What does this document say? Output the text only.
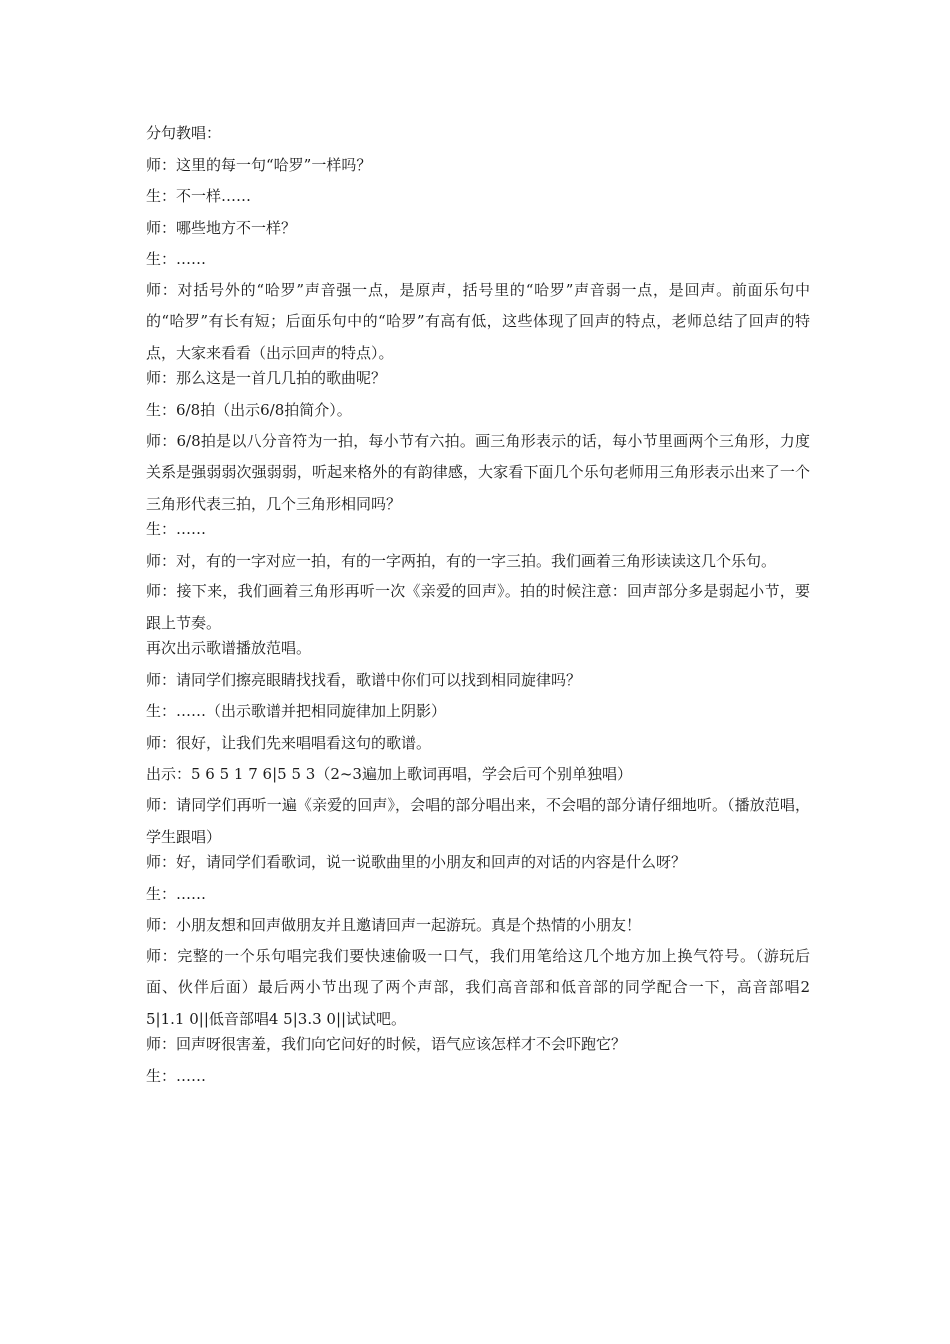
分句教唱：
师：这里的每一句“哈罗”一样吗？
生：不一样……
师：哪些地方不一样？
生：……
师：对括号外的“哈罗”声音强一点，是原声，括号里的“哈罗”声音弱一点，是回声。前面乐句中的“哈罗”有长有短；后面乐句中的“哈罗”有高有低，这些体现了回声的特点，老师总结了回声的特点，大家来看看（出示回声的特点）。
师：那么这是一首几几拍的歌曲呢？
生：6/8拍（出示6/8拍简介）。
师：6/8拍是以八分音符为一拍，每小节有六拍。画三角形表示的话，每小节里画两个三角形，力度关系是强弱弱次强弱弱，听起来格外的有韵律感，大家看下面几个乐句老师用三角形表示出来了一个三角形代表三拍，几个三角形相同吗？
生：……
师：对，有的一字对应一拍，有的一字两拍，有的一字三拍。我们画着三角形读读这几个乐句。
师：接下来，我们画着三角形再听一次《亲爱的回声》。拍的时候注意：回声部分多是弱起小节，要跟上节奏。
再次出示歌谱播放范唱。
师：请同学们擦亮眼睛找找看，歌谱中你们可以找到相同旋律吗？
生：……（出示歌谱并把相同旋律加上阴影）
师：很好，让我们先来唱唱看这句的歌谱。
出示：5 6 5 1 7 6|5 5 3（2~3遍加上歌词再唱，学会后可个别单独唱）
师：请同学们再听一遍《亲爱的回声》，会唱的部分唱出来，不会唱的部分请仔细地听。（播放范唱，学生跟唱）
师：好，请同学们看歌词，说一说歌曲里的小朋友和回声的对话的内容是什么呀？
生：……
师：小朋友想和回声做朋友并且邀请回声一起游玩。真是个热情的小朋友！
师：完整的一个乐句唱完我们要快速偷吸一口气，我们用笔给这几个地方加上换气符号。（游玩后面、伙伴后面）最后两小节出现了两个声部，我们高音部和低音部的同学配合一下，高音部唱2 5|1.1 0||低音部唱4 5|3.3 0||试试吧。
师：回声呀很害羞，我们向它问好的时候，语气应该怎样才不会吓跑它？
生：……
